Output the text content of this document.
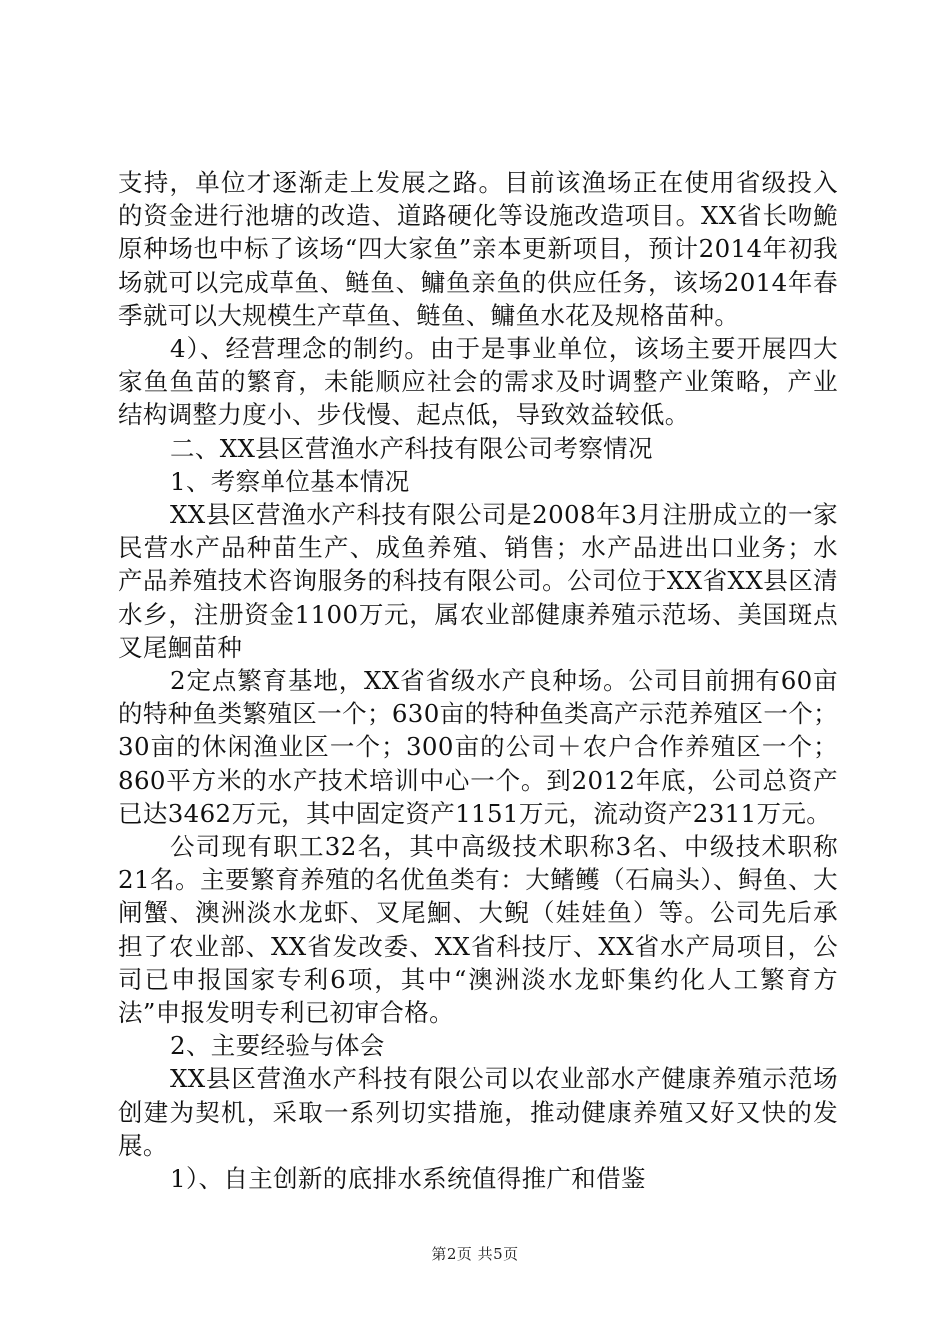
支持，单位才逐渐走上发展之路。目前该渔场正在使用省级投入的资金进行池塘的改造、道路硬化等设施改造项目。XX省长吻鮠原种场也中标了该场“四大家鱼”亲本更新项目，预计2014年初我场就可以完成草鱼、鲢鱼、鳙鱼亲鱼的供应任务，该场2014年春季就可以大规模生产草鱼、鲢鱼、鳙鱼水花及规格苗种。

4）、经营理念的制约。由于是事业单位，该场主要开展四大家鱼鱼苗的繁育，未能顺应社会的需求及时调整产业策略，产业结构调整力度小、步伐慢、起点低，导致效益较低。

二、XX县区营渔水产科技有限公司考察情况

1、考察单位基本情况

XX县区营渔水产科技有限公司是2008年3月注册成立的一家民营水产品种苗生产、成鱼养殖、销售；水产品进出口业务；水产品养殖技术咨询服务的科技有限公司。公司位于XX省XX县区清水乡，注册资金1100万元，属农业部健康养殖示范场、美国斑点叉尾鮰苗种

2定点繁育基地，XX省省级水产良种场。公司目前拥有60亩的特种鱼类繁殖区一个；630亩的特种鱼类高产示范养殖区一个；30亩的休闲渔业区一个；300亩的公司＋农户合作养殖区一个；860平方米的水产技术培训中心一个。到2012年底，公司总资产已达3462万元，其中固定资产1151万元，流动资产2311万元。

公司现有职工32名，其中高级技术职称3名、中级技术职称21名。主要繁育养殖的名优鱼类有：大鳍鳠（石扁头）、鲟鱼、大闸蟹、澳洲淡水龙虾、叉尾鮰、大鲵（娃娃鱼）等。公司先后承担了农业部、XX省发改委、XX省科技厅、XX省水产局项目，公司已申报国家专利6项，其中“澳洲淡水龙虾集约化人工繁育方法”申报发明专利已初审合格。

2、主要经验与体会

XX县区营渔水产科技有限公司以农业部水产健康养殖示范场创建为契机，采取一系列切实措施，推动健康养殖又好又快的发展。

1）、自主创新的底排水系统值得推广和借鉴

第2页 共5页
